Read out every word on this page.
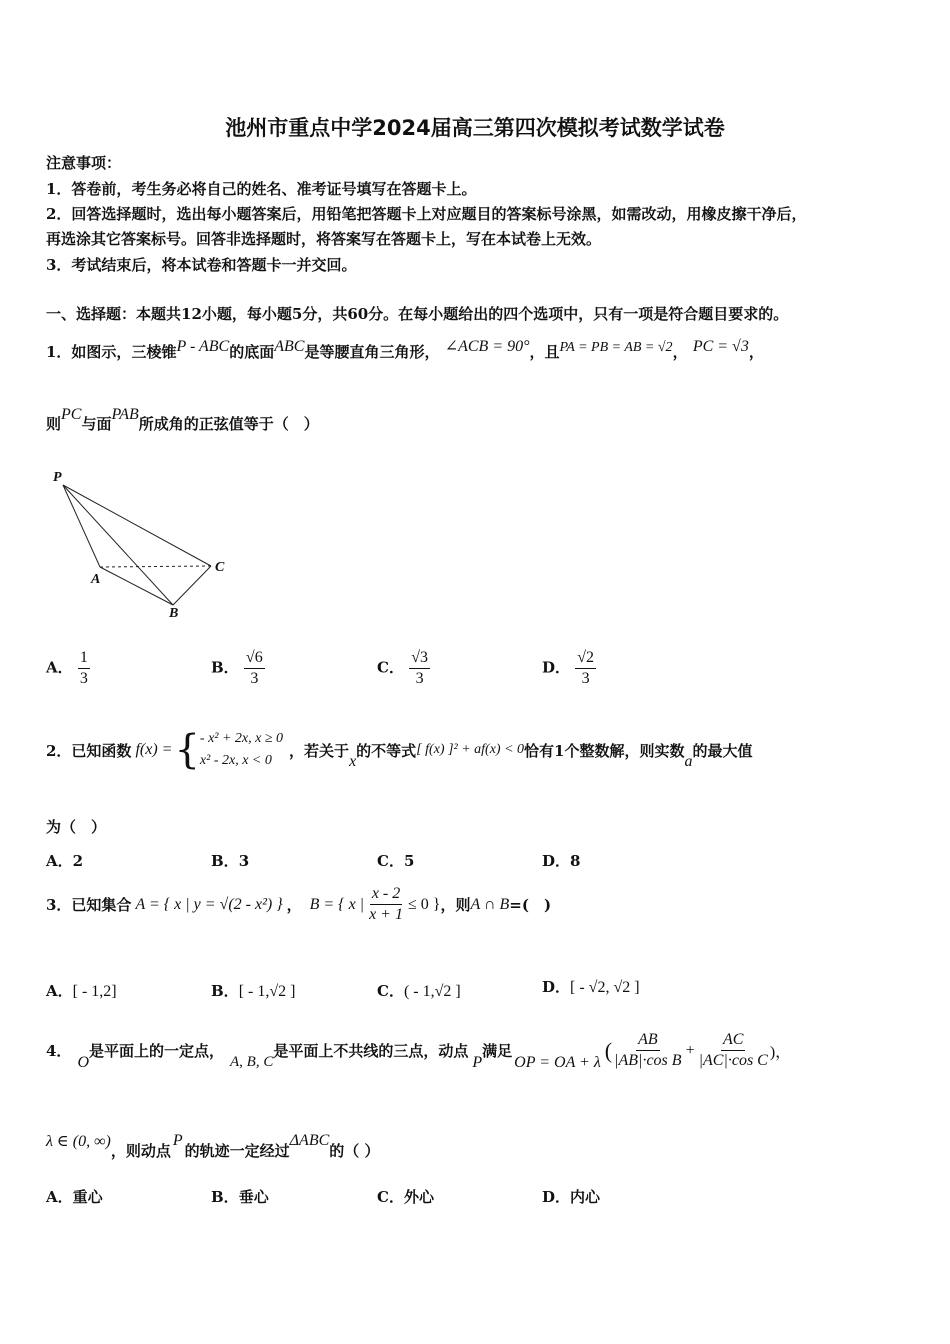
池州市重点中学2024届高三第四次模拟考试数学试卷
注意事项：
1．答卷前，考生务必将自己的姓名、准考证号填写在答题卡上。
2．回答选择题时，选出每小题答案后，用铅笔把答题卡上对应题目的答案标号涂黑，如需改动，用橡皮擦干净后，
再选涂其它答案标号。回答非选择题时，将答案写在答题卡上，写在本试卷上无效。
3．考试结束后，将本试卷和答题卡一并交回。
一、选择题：本题共12小题，每小题5分，共60分。在每小题给出的四个选项中，只有一项是符合题目要求的。
1．如图示，三棱锥P - ABC的底面ABC是等腰直角三角形， ∠ACB = 90°，且PA = PB = AB = √2， PC = √3，
则PC与面PAB所成角的正弦值等于（　）
P
A
B
C
A． $\frac{1}{3}$	B． $\frac{√6}{3}$	C． $\frac{√3}{3}$	D． $\frac{√2}{3}$
2．已知函数 f(x) = { - x² + 2x, x ≥ 0
x² - 2x, x < 0
，若关于
x
的不等式 [ f(x) ]² + af(x) < 0 恰有1个整数解，则实数
a
的最大值
为（　）
A．2	B．3	C．5	D．8
3．已知集合 A = { x | y = √(2 - x²) } ， B = { x | $\frac{x - 2}{x + 1} \le 0$ } ，则 A ∩ B =(　)
A．[ - 1,2]	B．[ - 1,√2 ]	C．( - 1,√2 ]	D．[ - √2, √2 ]
4．
O
是平面上的一定点，
A, B, C
是平面上不共线的三点，动点
P
满足
OP = OA + λ ( $\frac{AB}{\text{|AB|·cos B}} + \frac{AC}{\text{|AC|·cos C}}$ )，
λ ∈ (0, ∞)
，则动点
P
的轨迹一定经过
ΔABC
的（ ）
A．重心	B．垂心	C．外心	D．内心
